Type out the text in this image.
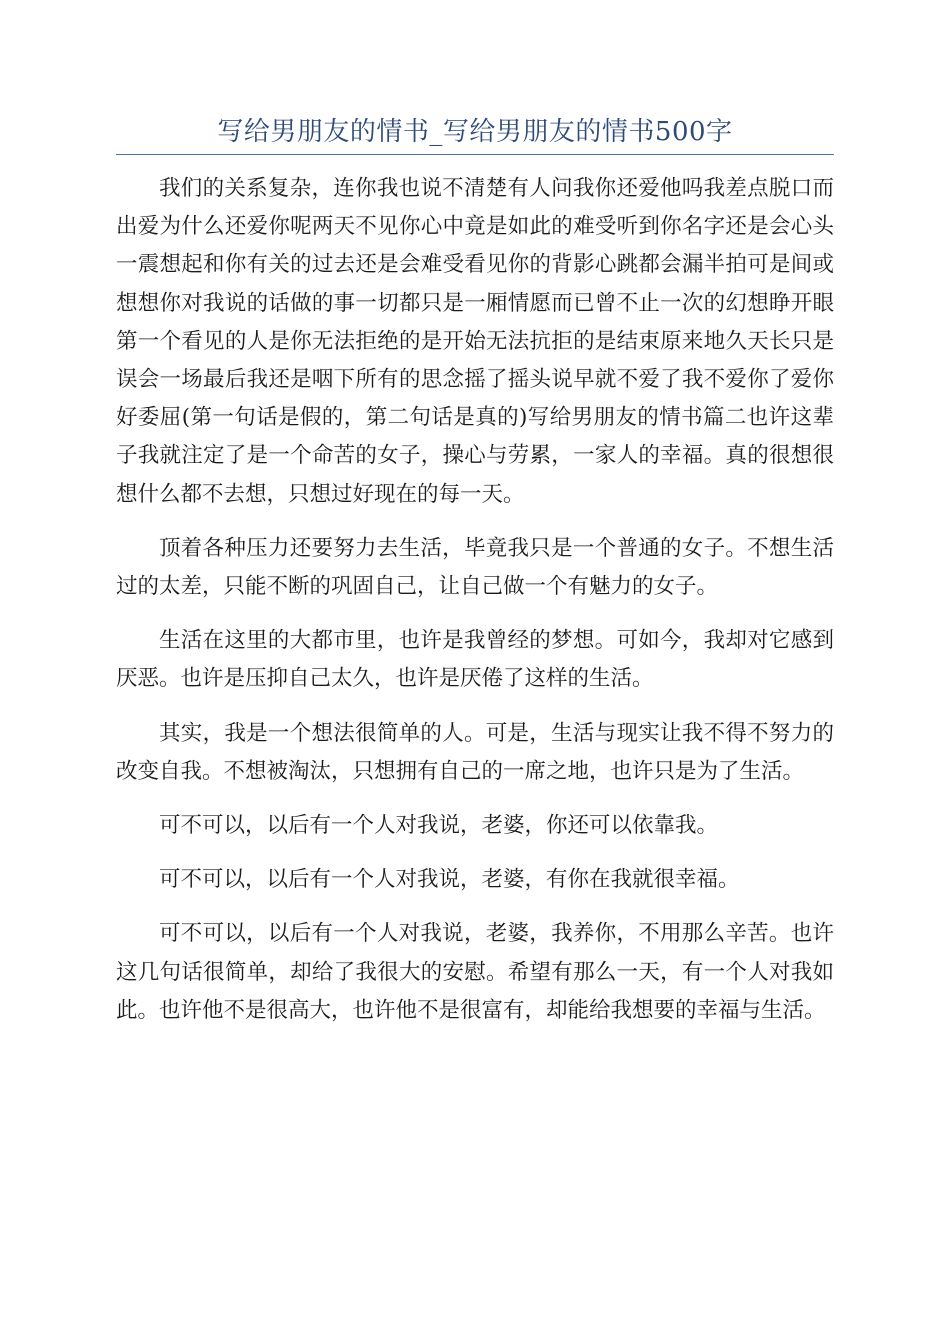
写给男朋友的情书_写给男朋友的情书500字

我们的关系复杂，连你我也说不清楚有人问我你还爱他吗我差点脱口而出爱为什么还爱你呢两天不见你心中竟是如此的难受听到你名字还是会心头一震想起和你有关的过去还是会难受看见你的背影心跳都会漏半拍可是间或想想你对我说的话做的事一切都只是一厢情愿而已曾不止一次的幻想睁开眼第一个看见的人是你无法拒绝的是开始无法抗拒的是结束原来地久天长只是误会一场最后我还是咽下所有的思念摇了摇头说早就不爱了我不爱你了爱你好委屈(第一句话是假的，第二句话是真的)写给男朋友的情书篇二也许这辈子我就注定了是一个命苦的女子，操心与劳累，一家人的幸福。真的很想很想什么都不去想，只想过好现在的每一天。

顶着各种压力还要努力去生活，毕竟我只是一个普通的女子。不想生活过的太差，只能不断的巩固自己，让自己做一个有魅力的女子。

生活在这里的大都市里，也许是我曾经的梦想。可如今，我却对它感到厌恶。也许是压抑自己太久，也许是厌倦了这样的生活。

其实，我是一个想法很简单的人。可是，生活与现实让我不得不努力的改变自我。不想被淘汰，只想拥有自己的一席之地，也许只是为了生活。

可不可以，以后有一个人对我说，老婆，你还可以依靠我。

可不可以，以后有一个人对我说，老婆，有你在我就很幸福。

可不可以，以后有一个人对我说，老婆，我养你，不用那么辛苦。也许这几句话很简单，却给了我很大的安慰。希望有那么一天，有一个人对我如此。也许他不是很高大，也许他不是很富有，却能给我想要的幸福与生活。
